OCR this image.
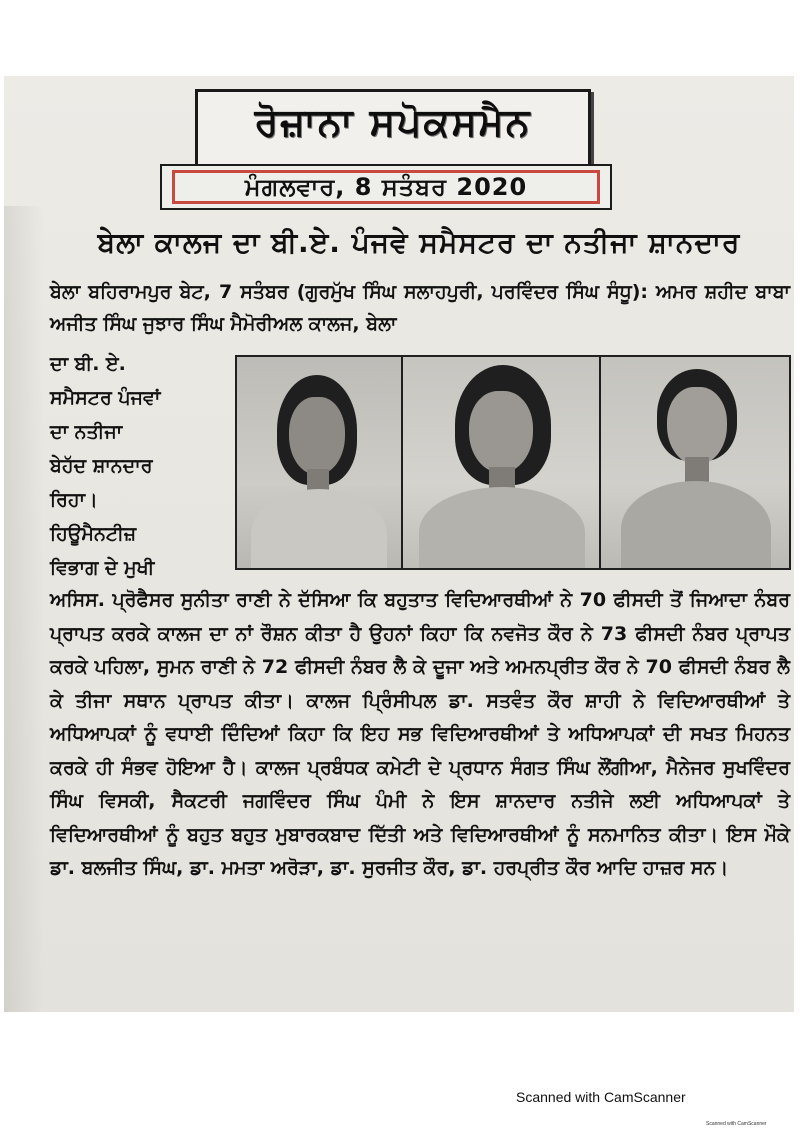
ਰੋਜ਼ਾਨਾ ਸਪੋਕਸਮੈਨ
ਮੰਗਲਵਾਰ, 8 ਸਤੰਬਰ 2020
ਬੇਲਾ ਕਾਲਜ ਦਾ ਬੀ.ਏ. ਪੰਜਵੇ ਸਮੈਸਟਰ ਦਾ ਨਤੀਜਾ ਸ਼ਾਨਦਾਰ
ਬੇਲਾ ਬਹਿਰਾਮਪੁਰ ਬੇਟ, 7 ਸਤੰਬਰ (ਗੁਰਮੁੱਖ ਸਿੰਘ ਸਲਾਹਪੁਰੀ, ਪਰਵਿੰਦਰ ਸਿੰਘ ਸੰਧੂ): ਅਮਰ ਸ਼ਹੀਦ ਬਾਬਾ ਅਜੀਤ ਸਿੰਘ ਜੁਝਾਰ ਸਿੰਘ ਮੈਮੋਰੀਅਲ ਕਾਲਜ, ਬੇਲਾ
ਦਾ ਬੀ. ਏ.
ਸਮੈਸਟਰ ਪੰਜਵਾਂ
ਦਾ ਨਤੀਜਾ
ਬੇਹੱਦ ਸ਼ਾਨਦਾਰ
ਰਿਹਾ।
ਹਿਊਮੈਨਟੀਜ਼
ਵਿਭਾਗ ਦੇ ਮੁਖੀ

ਅਸਿਸ. ਪ੍ਰੋਫੈਸਰ ਸੁਨੀਤਾ ਰਾਣੀ ਨੇ ਦੱਸਿਆ ਕਿ ਬਹੁਤਾਤ ਵਿਦਿਆਰਥੀਆਂ ਨੇ 70 ਫੀਸਦੀ ਤੋਂ ਜਿਆਦਾ ਨੰਬਰ ਪ੍ਰਾਪਤ ਕਰਕੇ ਕਾਲਜ ਦਾ ਨਾਂ ਰੌਸ਼ਨ ਕੀਤਾ ਹੈ ਉਹਨਾਂ ਕਿਹਾ ਕਿ ਨਵਜੋਤ ਕੌਰ ਨੇ 73 ਫੀਸਦੀ ਨੰਬਰ ਪ੍ਰਾਪਤ ਕਰਕੇ ਪਹਿਲਾ, ਸੁਮਨ ਰਾਣੀ ਨੇ 72 ਫੀਸਦੀ ਨੰਬਰ ਲੈ ਕੇ ਦੂਜਾ ਅਤੇ ਅਮਨਪ੍ਰੀਤ ਕੌਰ ਨੇ 70 ਫੀਸਦੀ ਨੰਬਰ ਲੈ ਕੇ ਤੀਜਾ ਸਥਾਨ ਪ੍ਰਾਪਤ ਕੀਤਾ। ਕਾਲਜ ਪ੍ਰਿੰਸੀਪਲ ਡਾ. ਸਤਵੰਤ ਕੌਰ ਸ਼ਾਹੀ ਨੇ ਵਿਦਿਆਰਥੀਆਂ ਤੇ ਅਧਿਆਪਕਾਂ ਨੂੰ ਵਧਾਈ ਦਿੰਦਿਆਂ ਕਿਹਾ ਕਿ ਇਹ ਸਭ ਵਿਦਿਆਰਥੀਆਂ ਤੇ ਅਧਿਆਪਕਾਂ ਦੀ ਸਖਤ ਮਿਹਨਤ ਕਰਕੇ ਹੀ ਸੰਭਵ ਹੋਇਆ ਹੈ। ਕਾਲਜ ਪ੍ਰਬੰਧਕ ਕਮੇਟੀ ਦੇ ਪ੍ਰਧਾਨ ਸੰਗਤ ਸਿੰਘ ਲੌਂਗੀਆ, ਮੈਨੇਜਰ ਸੁਖਵਿੰਦਰ ਸਿੰਘ ਵਿਸਕੀ, ਸੈਕਟਰੀ ਜਗਵਿੰਦਰ ਸਿੰਘ ਪੰਮੀ ਨੇ ਇਸ ਸ਼ਾਨਦਾਰ ਨਤੀਜੇ ਲਈ ਅਧਿਆਪਕਾਂ ਤੇ ਵਿਦਿਆਰਥੀਆਂ ਨੂੰ ਬਹੁਤ ਬਹੁਤ ਮੁਬਾਰਕਬਾਦ ਦਿੱਤੀ ਅਤੇ ਵਿਦਿਆਰਥੀਆਂ ਨੂੰ ਸਨਮਾਨਿਤ ਕੀਤਾ। ਇਸ ਮੌਕੇ ਡਾ. ਬਲਜੀਤ ਸਿੰਘ, ਡਾ. ਮਮਤਾ ਅਰੋੜਾ, ਡਾ. ਸੁਰਜੀਤ ਕੌਰ, ਡਾ. ਹਰਪ੍ਰੀਤ ਕੌਰ ਆਦਿ ਹਾਜ਼ਰ ਸਨ।

Scanned with CamScanner
Scanned with CamScanner
